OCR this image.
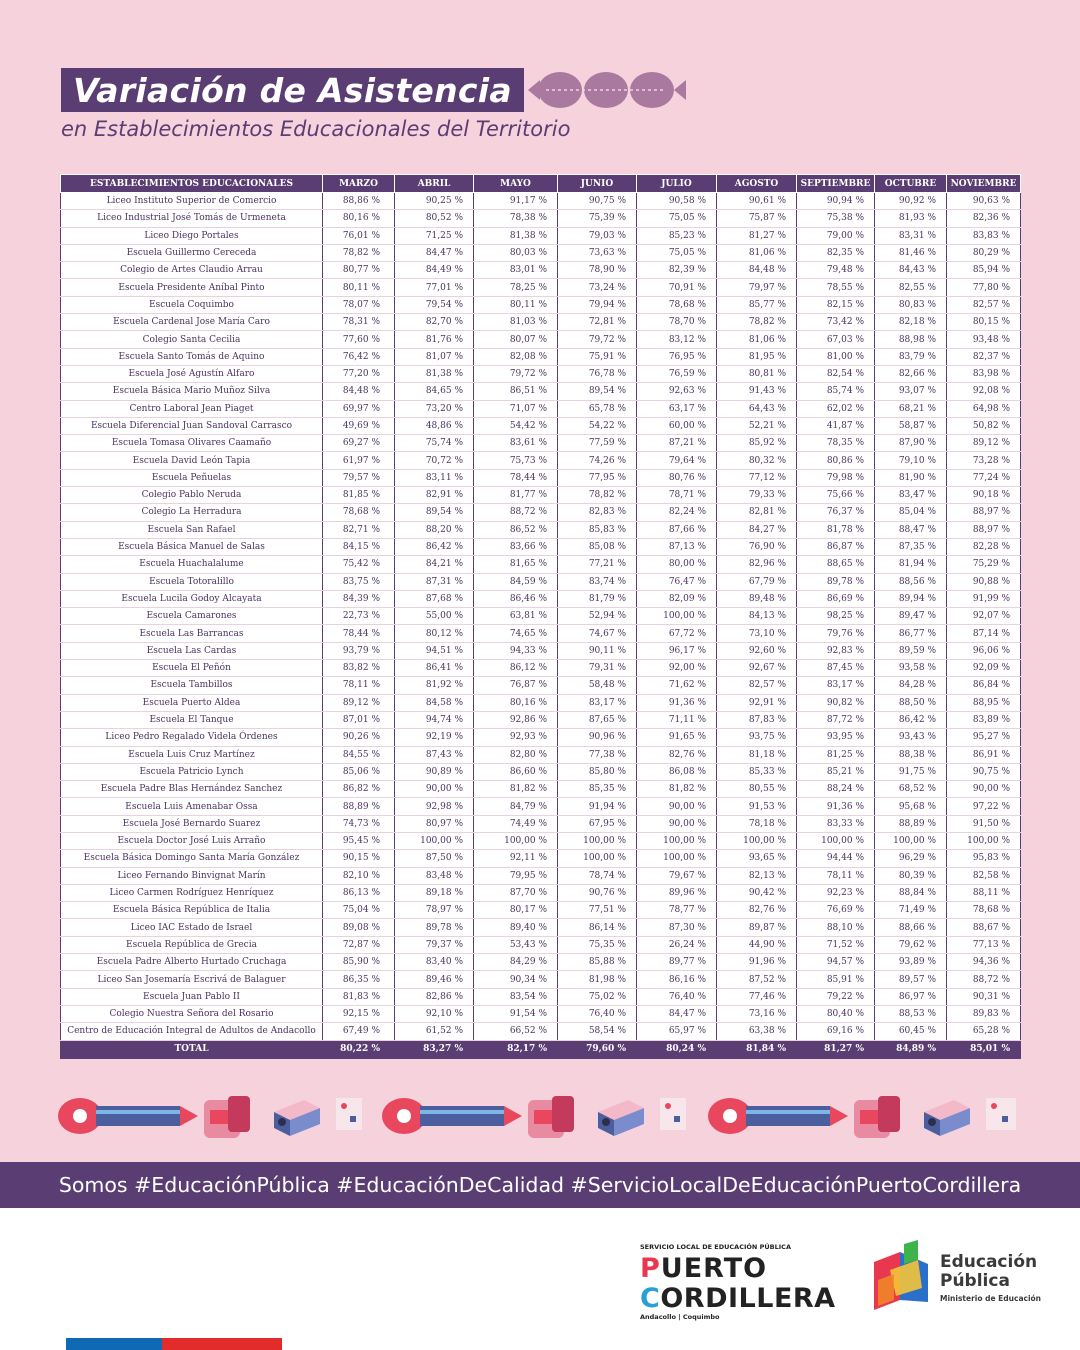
Variación de Asistencia
en Establecimientos Educacionales del Territorio
ESTABLECIMIENTOS EDUCACIONALES	MARZO	ABRIL	MAYO	JUNIO	JULIO	AGOSTO	SEPTIEMBRE	OCTUBRE	NOVIEMBRE
Liceo Instituto Superior de Comercio	88,86 %	90,25 %	91,17 %	90,75 %	90,58 %	90,61 %	90,94 %	90,92 %	90,63 %
Liceo Industrial José Tomás de Urmeneta	80,16 %	80,52 %	78,38 %	75,39 %	75,05 %	75,87 %	75,38 %	81,93 %	82,36 %
Liceo Diego Portales	76,01 %	71,25 %	81,38 %	79,03 %	85,23 %	81,27 %	79,00 %	83,31 %	83,83 %
Escuela Guillermo Cereceda	78,82 %	84,47 %	80,03 %	73,63 %	75,05 %	81,06 %	82,35 %	81,46 %	80,29 %
Colegio de Artes Claudio Arrau	80,77 %	84,49 %	83,01 %	78,90 %	82,39 %	84,48 %	79,48 %	84,43 %	85,94 %
Escuela Presidente Aníbal Pinto	80,11 %	77,01 %	78,25 %	73,24 %	70,91 %	79,97 %	78,55 %	82,55 %	77,80 %
Escuela Coquimbo	78,07 %	79,54 %	80,11 %	79,94 %	78,68 %	85,77 %	82,15 %	80,83 %	82,57 %
Escuela Cardenal Jose María Caro	78,31 %	82,70 %	81,03 %	72,81 %	78,70 %	78,82 %	73,42 %	82,18 %	80,15 %
Colegio Santa Cecilia	77,60 %	81,76 %	80,07 %	79,72 %	83,12 %	81,06 %	67,03 %	88,98 %	93,48 %
Escuela Santo Tomás de Aquino	76,42 %	81,07 %	82,08 %	75,91 %	76,95 %	81,95 %	81,00 %	83,79 %	82,37 %
Escuela José Agustín Alfaro	77,20 %	81,38 %	79,72 %	76,78 %	76,59 %	80,81 %	82,54 %	82,66 %	83,98 %
Escuela Básica Mario Muñoz Silva	84,48 %	84,65 %	86,51 %	89,54 %	92,63 %	91,43 %	85,74 %	93,07 %	92,08 %
Centro Laboral Jean Piaget	69,97 %	73,20 %	71,07 %	65,78 %	63,17 %	64,43 %	62,02 %	68,21 %	64,98 %
Escuela Diferencial Juan Sandoval Carrasco	49,69 %	48,86 %	54,42 %	54,22 %	60,00 %	52,21 %	41,87 %	58,87 %	50,82 %
Escuela Tomasa Olivares Caamaño	69,27 %	75,74 %	83,61 %	77,59 %	87,21 %	85,92 %	78,35 %	87,90 %	89,12 %
Escuela David León Tapia	61,97 %	70,72 %	75,73 %	74,26 %	79,64 %	80,32 %	80,86 %	79,10 %	73,28 %
Escuela Peñuelas	79,57 %	83,11 %	78,44 %	77,95 %	80,76 %	77,12 %	79,98 %	81,90 %	77,24 %
Colegio Pablo Neruda	81,85 %	82,91 %	81,77 %	78,82 %	78,71 %	79,33 %	75,66 %	83,47 %	90,18 %
Colegio La Herradura	78,68 %	89,54 %	88,72 %	82,83 %	82,24 %	82,81 %	76,37 %	85,04 %	88,97 %
Escuela San Rafael	82,71 %	88,20 %	86,52 %	85,83 %	87,66 %	84,27 %	81,78 %	88,47 %	88,97 %
Escuela Básica Manuel de Salas	84,15 %	86,42 %	83,66 %	85,08 %	87,13 %	76,90 %	86,87 %	87,35 %	82,28 %
Escuela Huachalalume	75,42 %	84,21 %	81,65 %	77,21 %	80,00 %	82,96 %	88,65 %	81,94 %	75,29 %
Escuela Totoralillo	83,75 %	87,31 %	84,59 %	83,74 %	76,47 %	67,79 %	89,78 %	88,56 %	90,88 %
Escuela Lucila Godoy Alcayata	84,39 %	87,68 %	86,46 %	81,79 %	82,09 %	89,48 %	86,69 %	89,94 %	91,99 %
Escuela Camarones	22,73 %	55,00 %	63,81 %	52,94 %	100,00 %	84,13 %	98,25 %	89,47 %	92,07 %
Escuela Las Barrancas	78,44 %	80,12 %	74,65 %	74,67 %	67,72 %	73,10 %	79,76 %	86,77 %	87,14 %
Escuela Las Cardas	93,79 %	94,51 %	94,33 %	90,11 %	96,17 %	92,60 %	92,83 %	89,59 %	96,06 %
Escuela El Peñón	83,82 %	86,41 %	86,12 %	79,31 %	92,00 %	92,67 %	87,45 %	93,58 %	92,09 %
Escuela Tambillos	78,11 %	81,92 %	76,87 %	58,48 %	71,62 %	82,57 %	83,17 %	84,28 %	86,84 %
Escuela Puerto Aldea	89,12 %	84,58 %	80,16 %	83,17 %	91,36 %	92,91 %	90,82 %	88,50 %	88,95 %
Escuela El Tanque	87,01 %	94,74 %	92,86 %	87,65 %	71,11 %	87,83 %	87,72 %	86,42 %	83,89 %
Liceo Pedro Regalado Videla Órdenes	90,26 %	92,19 %	92,93 %	90,96 %	91,65 %	93,75 %	93,95 %	93,43 %	95,27 %
Escuela Luis Cruz Martínez	84,55 %	87,43 %	82,80 %	77,38 %	82,76 %	81,18 %	81,25 %	88,38 %	86,91 %
Escuela Patricio Lynch	85,06 %	90,89 %	86,60 %	85,80 %	86,08 %	85,33 %	85,21 %	91,75 %	90,75 %
Escuela Padre Blas Hernández Sanchez	86,82 %	90,00 %	81,82 %	85,35 %	81,82 %	80,55 %	88,24 %	68,52 %	90,00 %
Escuela Luis Amenabar Ossa	88,89 %	92,98 %	84,79 %	91,94 %	90,00 %	91,53 %	91,36 %	95,68 %	97,22 %
Escuela José Bernardo Suarez	74,73 %	80,97 %	74,49 %	67,95 %	90,00 %	78,18 %	83,33 %	88,89 %	91,50 %
Escuela Doctor José Luis Arraño	95,45 %	100,00 %	100,00 %	100,00 %	100,00 %	100,00 %	100,00 %	100,00 %	100,00 %
Escuela Básica Domingo Santa María González	90,15 %	87,50 %	92,11 %	100,00 %	100,00 %	93,65 %	94,44 %	96,29 %	95,83 %
Liceo Fernando Binvignat Marín	82,10 %	83,48 %	79,95 %	78,74 %	79,67 %	82,13 %	78,11 %	80,39 %	82,58 %
Liceo Carmen Rodríguez Henríquez	86,13 %	89,18 %	87,70 %	90,76 %	89,96 %	90,42 %	92,23 %	88,84 %	88,11 %
Escuela Básica República de Italia	75,04 %	78,97 %	80,17 %	77,51 %	78,77 %	82,76 %	76,69 %	71,49 %	78,68 %
Liceo IAC Estado de Israel	89,08 %	89,78 %	89,40 %	86,14 %	87,30 %	89,87 %	88,10 %	88,66 %	88,67 %
Escuela República de Grecia	72,87 %	79,37 %	53,43 %	75,35 %	26,24 %	44,90 %	71,52 %	79,62 %	77,13 %
Escuela Padre Alberto Hurtado Cruchaga	85,90 %	83,40 %	84,29 %	85,88 %	89,77 %	91,96 %	94,57 %	93,89 %	94,36 %
Liceo San Josemaría Escrivá de Balaguer	86,35 %	89,46 %	90,34 %	81,98 %	86,16 %	87,52 %	85,91 %	89,57 %	88,72 %
Escuela Juan Pablo II	81,83 %	82,86 %	83,54 %	75,02 %	76,40 %	77,46 %	79,22 %	86,97 %	90,31 %
Colegio Nuestra Señora del Rosario	92,15 %	92,10 %	91,54 %	76,40 %	84,47 %	73,16 %	80,40 %	88,53 %	89,83 %
Centro de Educación Integral de Adultos de Andacollo	67,49 %	61,52 %	66,52 %	58,54 %	65,97 %	63,38 %	69,16 %	60,45 %	65,28 %
TOTAL	80,22 %	83,27 %	82,17 %	79,60 %	80,24 %	81,84 %	81,27 %	84,89 %	85,01 %
Somos #EducaciónPública #EducaciónDeCalidad #ServicioLocalDeEducaciónPuertoCordillera
SERVICIO LOCAL DE EDUCACIÓN PÚBLICA
PUERTO
CORDILLERA
Andacollo | Coquimbo
Educación
Pública
Ministerio de Educación
